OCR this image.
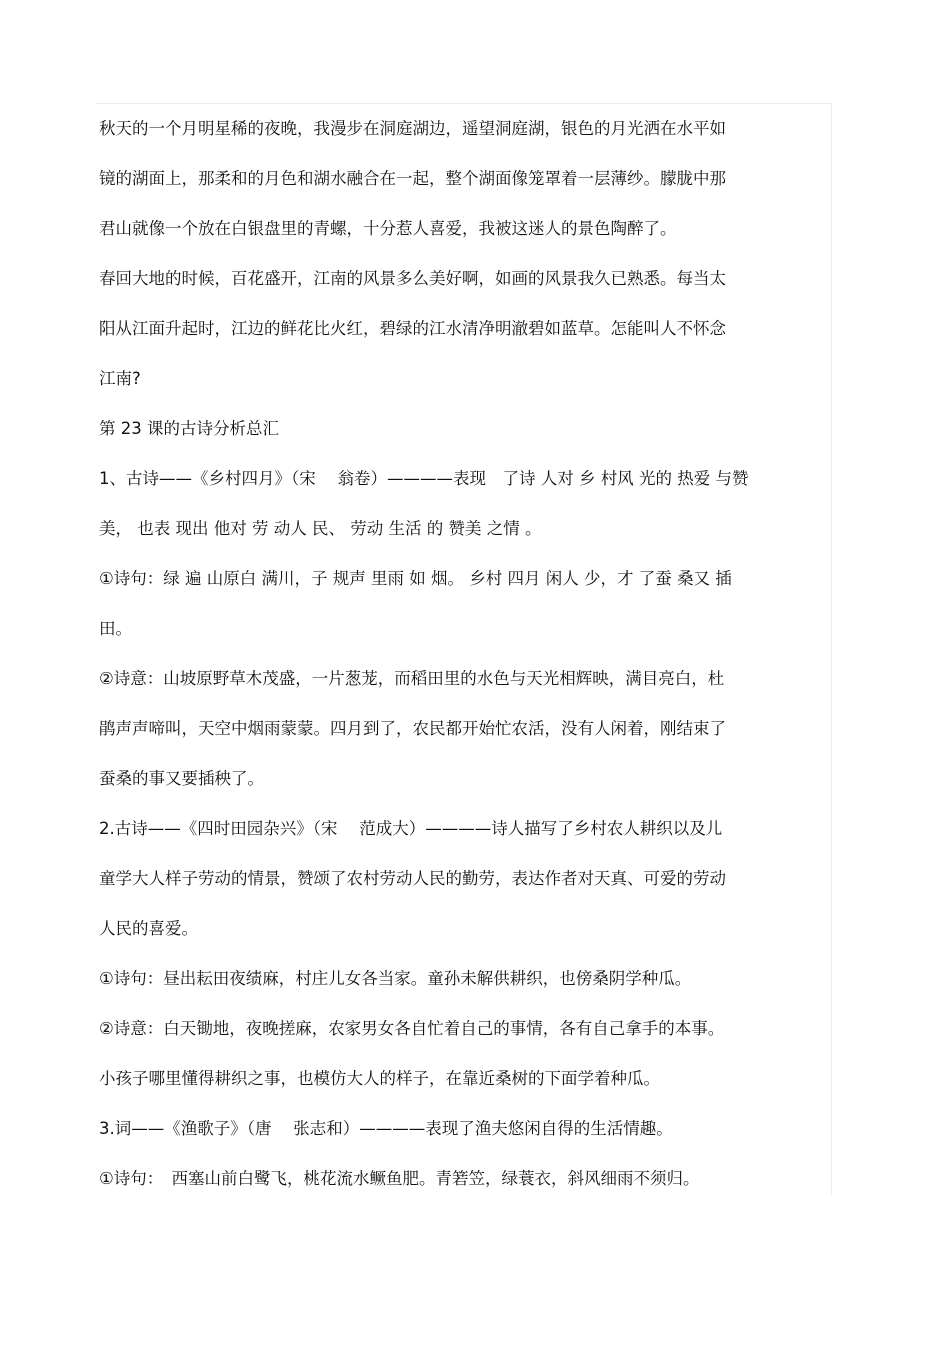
秋天的一个月明星稀的夜晚，我漫步在洞庭湖边，遥望洞庭湖，银色的月光洒在水平如
镜的湖面上，那柔和的月色和湖水融合在一起，整个湖面像笼罩着一层薄纱。朦胧中那
君山就像一个放在白银盘里的青螺，十分惹人喜爱，我被这迷人的景色陶醉了。
春回大地的时候，百花盛开，江南的风景多么美好啊，如画的风景我久已熟悉。每当太
阳从江面升起时，江边的鲜花比火红，碧绿的江水清净明澈碧如蓝草。怎能叫人不怀念
江南?
第 23 课的古诗分析总汇
1、古诗——《乡村四月》（宋　 翁卷）————表现　了诗 人对 乡 村风 光的 热爱 与赞
美， 也表 现出 他对 劳 动人 民、 劳动 生活 的 赞美 之情 。
①诗句：绿 遍 山原白 满川，子 规声 里雨 如 烟。 乡村 四月 闲人 少，才 了蚕 桑又 插
田。
②诗意：山坡原野草木茂盛，一片葱茏，而稻田里的水色与天光相辉映，满目亮白，杜
鹃声声啼叫，天空中烟雨蒙蒙。四月到了，农民都开始忙农活，没有人闲着，刚结束了
蚕桑的事又要插秧了。
2.古诗——《四时田园杂兴》（宋　 范成大）————诗人描写了乡村农人耕织以及儿
童学大人样子劳动的情景，赞颂了农村劳动人民的勤劳，表达作者对天真、可爱的劳动
人民的喜爱。
①诗句：昼出耘田夜绩麻，村庄儿女各当家。童孙未解供耕织，也傍桑阴学种瓜。
②诗意：白天锄地，夜晚搓麻，农家男女各自忙着自己的事情，各有自己拿手的本事。
小孩子哪里懂得耕织之事，也模仿大人的样子，在靠近桑树的下面学着种瓜。
3.词——《渔歌子》（唐　 张志和）————表现了渔夫悠闲自得的生活情趣。
①诗句：　西塞山前白鹭飞，桃花流水鳜鱼肥。青箬笠，绿蓑衣，斜风细雨不须归。
